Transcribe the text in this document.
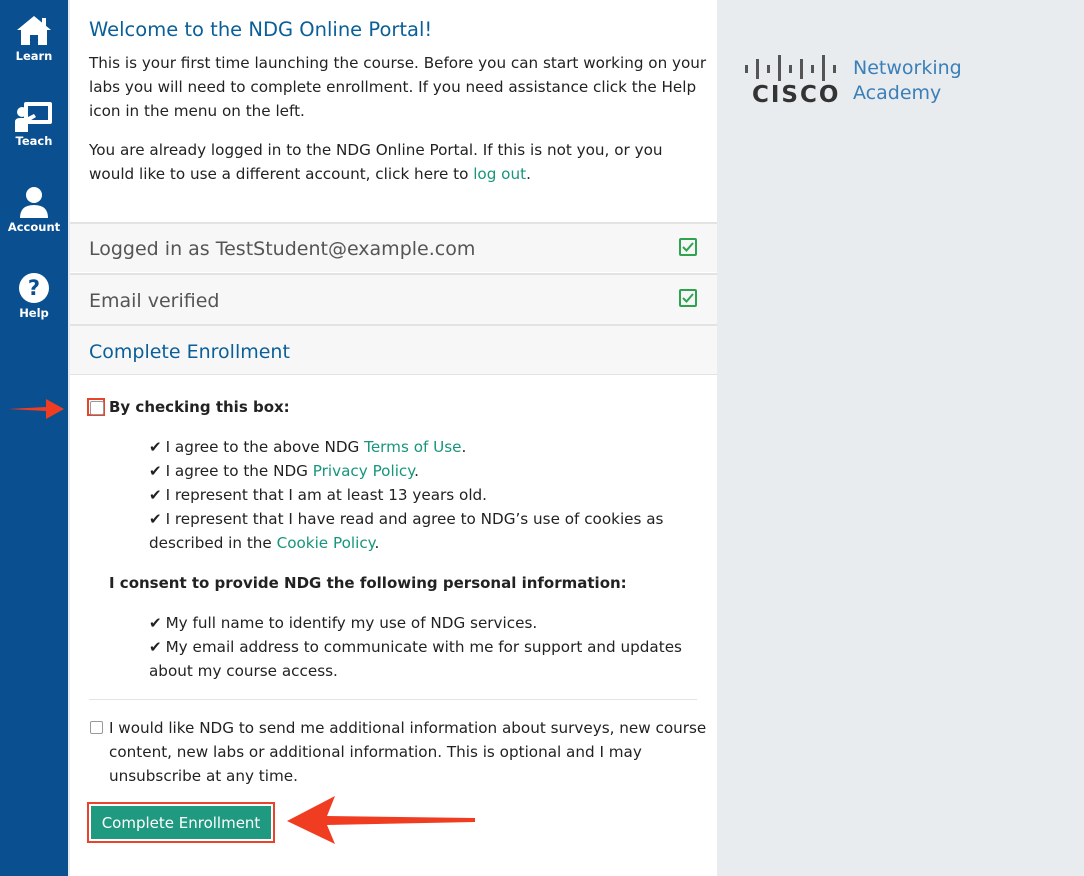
Learn
Teach
Account
?
Help
Welcome to the NDG Online Portal!

This is your first time launching the course. Before you can start working on your labs you will need to complete enrollment. If you need assistance click the Help icon in the menu on the left.

You are already logged in to the NDG Online Portal. If this is not you, or you would like to use a different account, click here to log out.

Logged in as TestStudent@example.com
Email verified
Complete Enrollment
By checking this box:
✔ I agree to the above NDG Terms of Use.
✔ I agree to the NDG Privacy Policy.
✔ I represent that I am at least 13 years old.
✔ I represent that I have read and agree to NDG’s use of cookies as described in the Cookie Policy.
I consent to provide NDG the following personal information:
✔ My full name to identify my use of NDG services.
✔ My email address to communicate with me for support and updates about my course access.

I would like NDG to send me additional information about surveys, new course content, new labs or additional information. This is optional and I may unsubscribe at any time.

Complete Enrollment
CISCO
Networking
Academy
